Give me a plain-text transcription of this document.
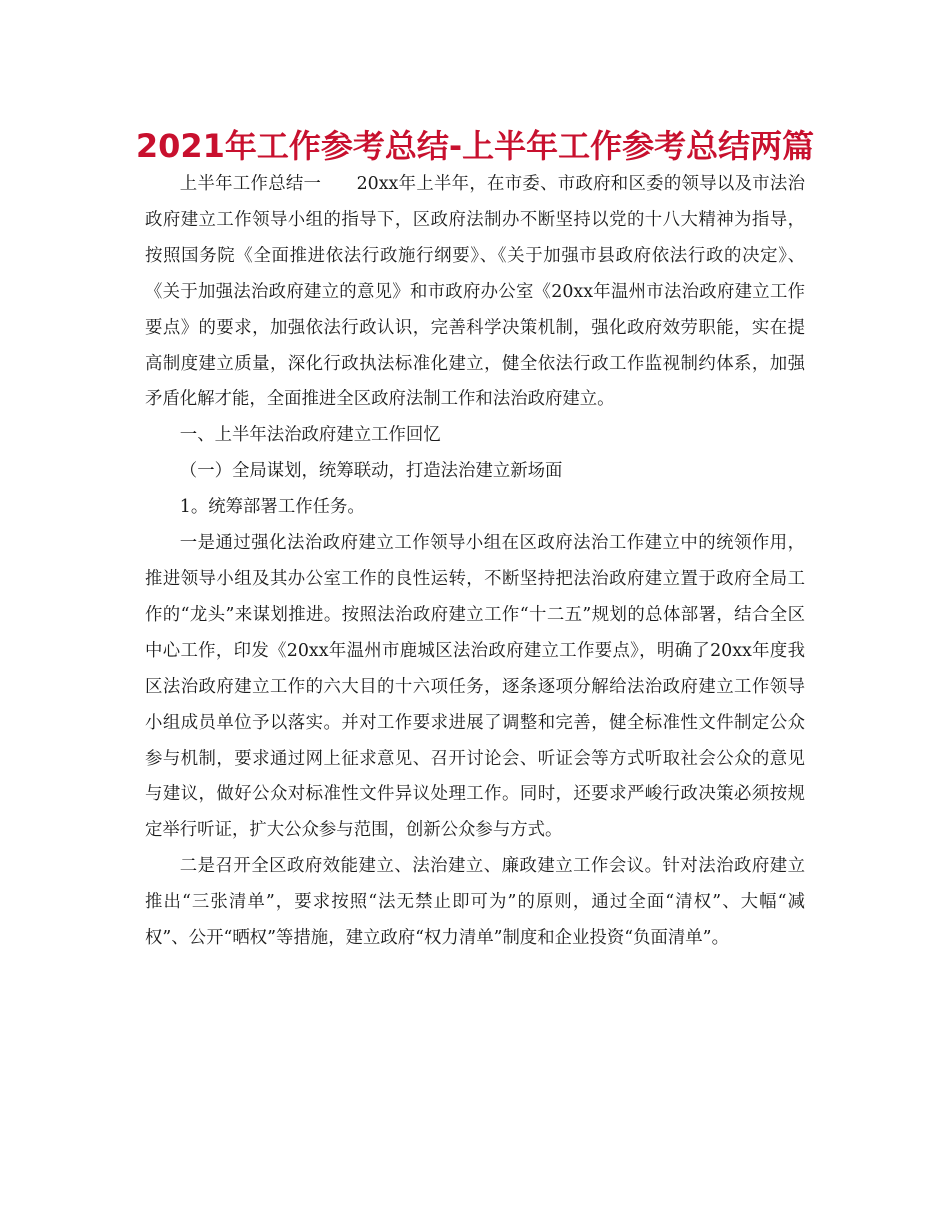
2021年工作参考总结-上半年工作参考总结两篇

上半年工作总结一　　20xx年上半年，在市委、市政府和区委的领导以及市法治政府建立工作领导小组的指导下，区政府法制办不断坚持以党的十八大精神为指导，按照国务院《全面推进依法行政施行纲要》、《关于加强市县政府依法行政的决定》、《关于加强法治政府建立的意见》和市政府办公室《20xx年温州市法治政府建立工作要点》的要求，加强依法行政认识，完善科学决策机制，强化政府效劳职能，实在提高制度建立质量，深化行政执法标准化建立，健全依法行政工作监视制约体系，加强矛盾化解才能，全面推进全区政府法制工作和法治政府建立。

一、上半年法治政府建立工作回忆

（一）全局谋划，统筹联动，打造法治建立新场面

1。统筹部署工作任务。

一是通过强化法治政府建立工作领导小组在区政府法治工作建立中的统领作用，推进领导小组及其办公室工作的良性运转，不断坚持把法治政府建立置于政府全局工作的“龙头”来谋划推进。按照法治政府建立工作“十二五”规划的总体部署，结合全区中心工作，印发《20xx年温州市鹿城区法治政府建立工作要点》，明确了20xx年度我区法治政府建立工作的六大目的十六项任务，逐条逐项分解给法治政府建立工作领导小组成员单位予以落实。并对工作要求进展了调整和完善，健全标准性文件制定公众参与机制，要求通过网上征求意见、召开讨论会、听证会等方式听取社会公众的意见与建议，做好公众对标准性文件异议处理工作。同时，还要求严峻行政决策必须按规定举行听证，扩大公众参与范围，创新公众参与方式。

二是召开全区政府效能建立、法治建立、廉政建立工作会议。针对法治政府建立推出“三张清单”，要求按照“法无禁止即可为”的原则，通过全面“清权”、大幅“减权”、公开“晒权”等措施，建立政府“权力清单”制度和企业投资“负面清单”。
